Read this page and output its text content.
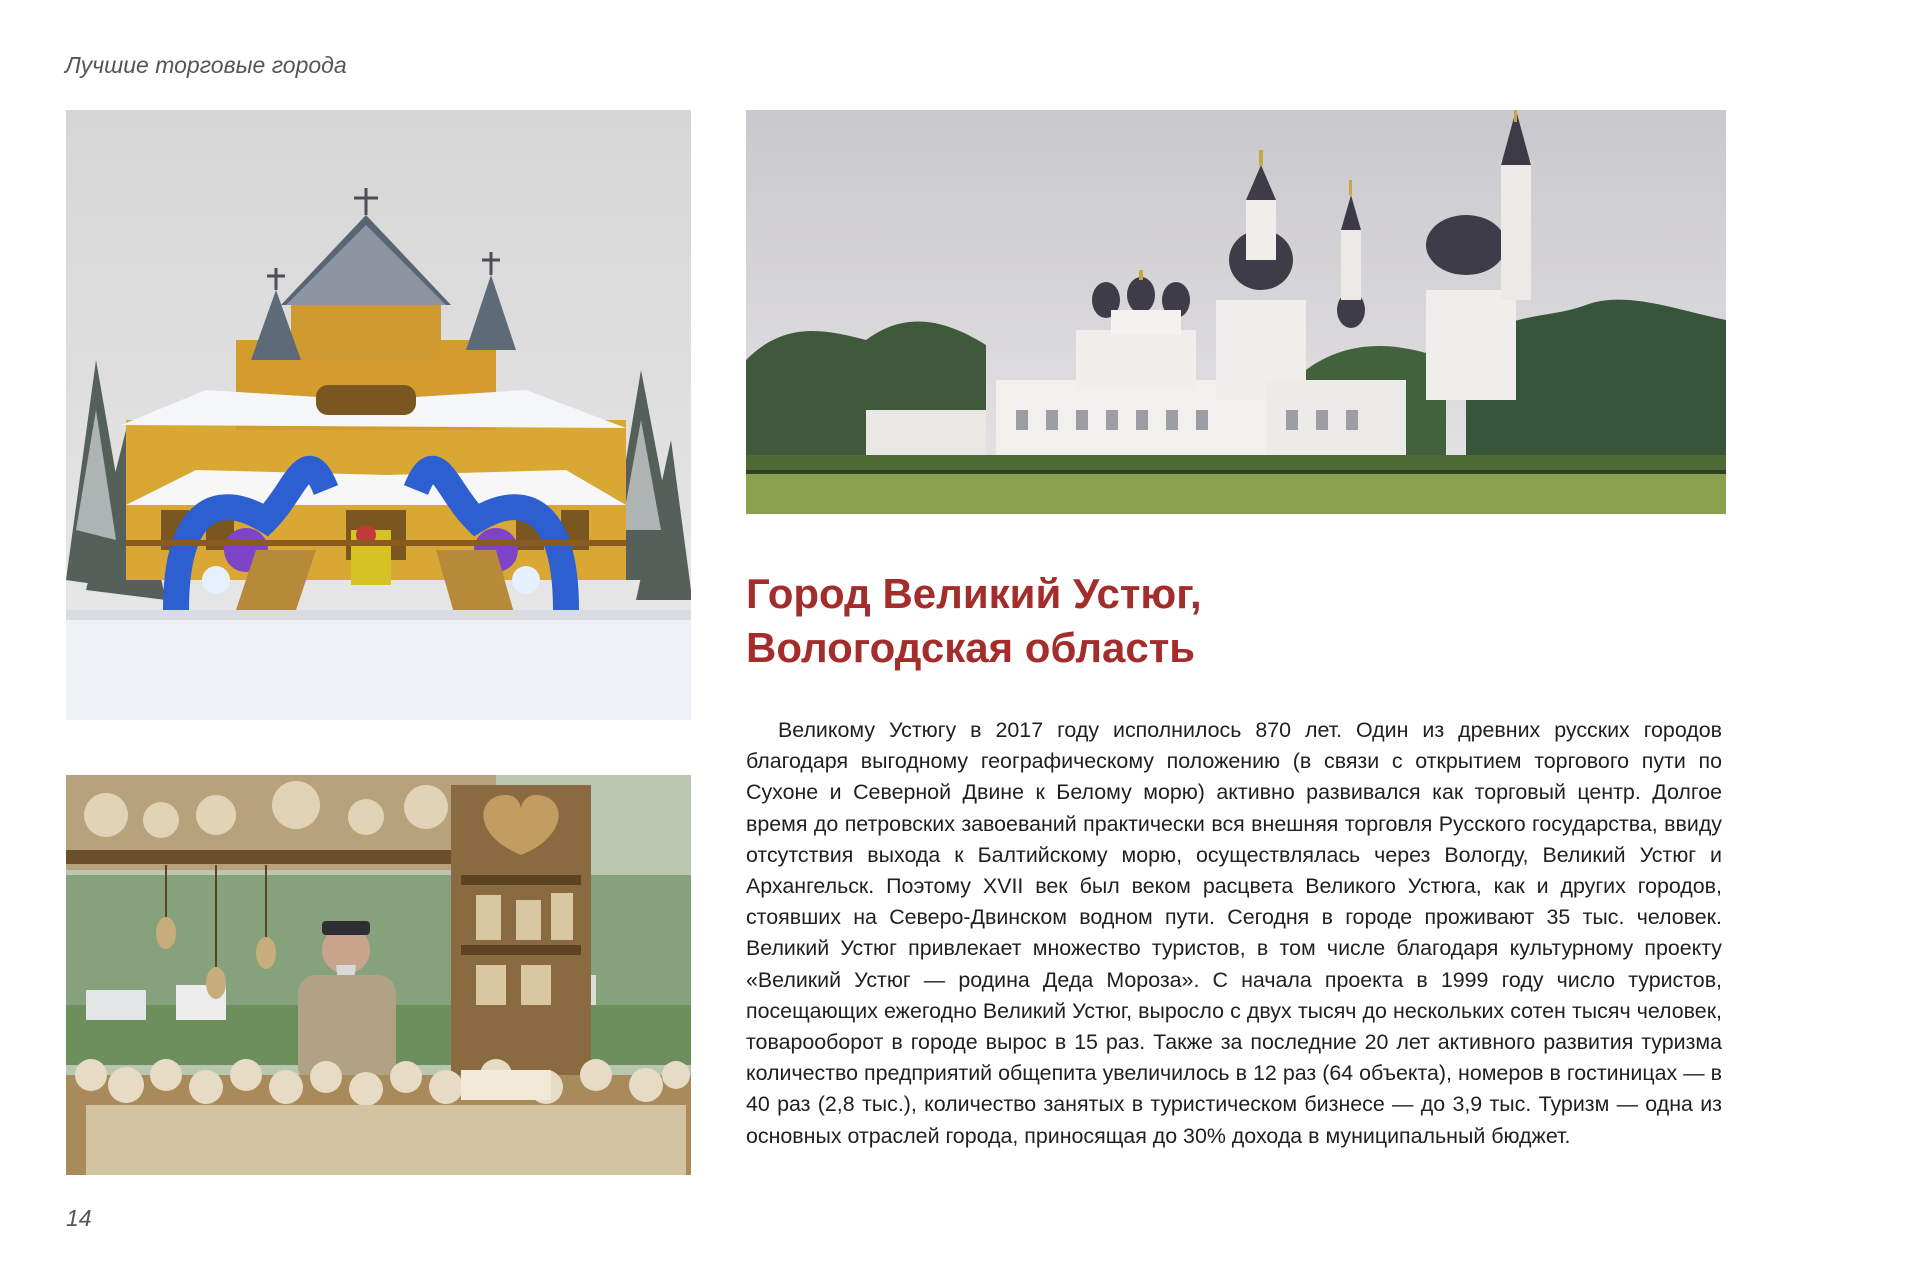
Лучшие торговые города
Город Великий Устюг,
Вологодская область

Великому Устюгу в 2017 году исполнилось 870 лет. Один из древних русских городов благодаря выгодному географическому положению (в связи с открытием торгового пути по Сухоне и Северной Двине к Белому морю) активно развивался как торговый центр. Долгое время до петровских завоеваний практически вся внешняя торговля Русского государства, ввиду отсутствия выхода к Балтийскому морю, осуществлялась через Вологду, Великий Устюг и Архангельск. Поэтому XVII век был веком расцвета Великого Устюга, как и других городов, стоявших на Северо-Двинском водном пути. Сегодня в городе проживают 35 тыс. человек. Великий Устюг привлекает множество туристов, в том числе благодаря культурному проекту «Великий Устюг — родина Деда Мороза». С начала проекта в 1999 году число туристов, посещающих ежегодно Великий Устюг, выросло с двух тысяч до нескольких сотен тысяч человек, товарооборот в городе вырос в 15 раз. Также за последние 20 лет активного развития туризма количество предприятий общепита увеличилось в 12 раз (64 объекта), номеров в гостиницах — в 40 раз (2,8 тыс.), количество занятых в туристическом бизнесе — до 3,9 тыс. Туризм — одна из основных отраслей города, приносящая до 30% дохода в муниципальный бюджет.

14
